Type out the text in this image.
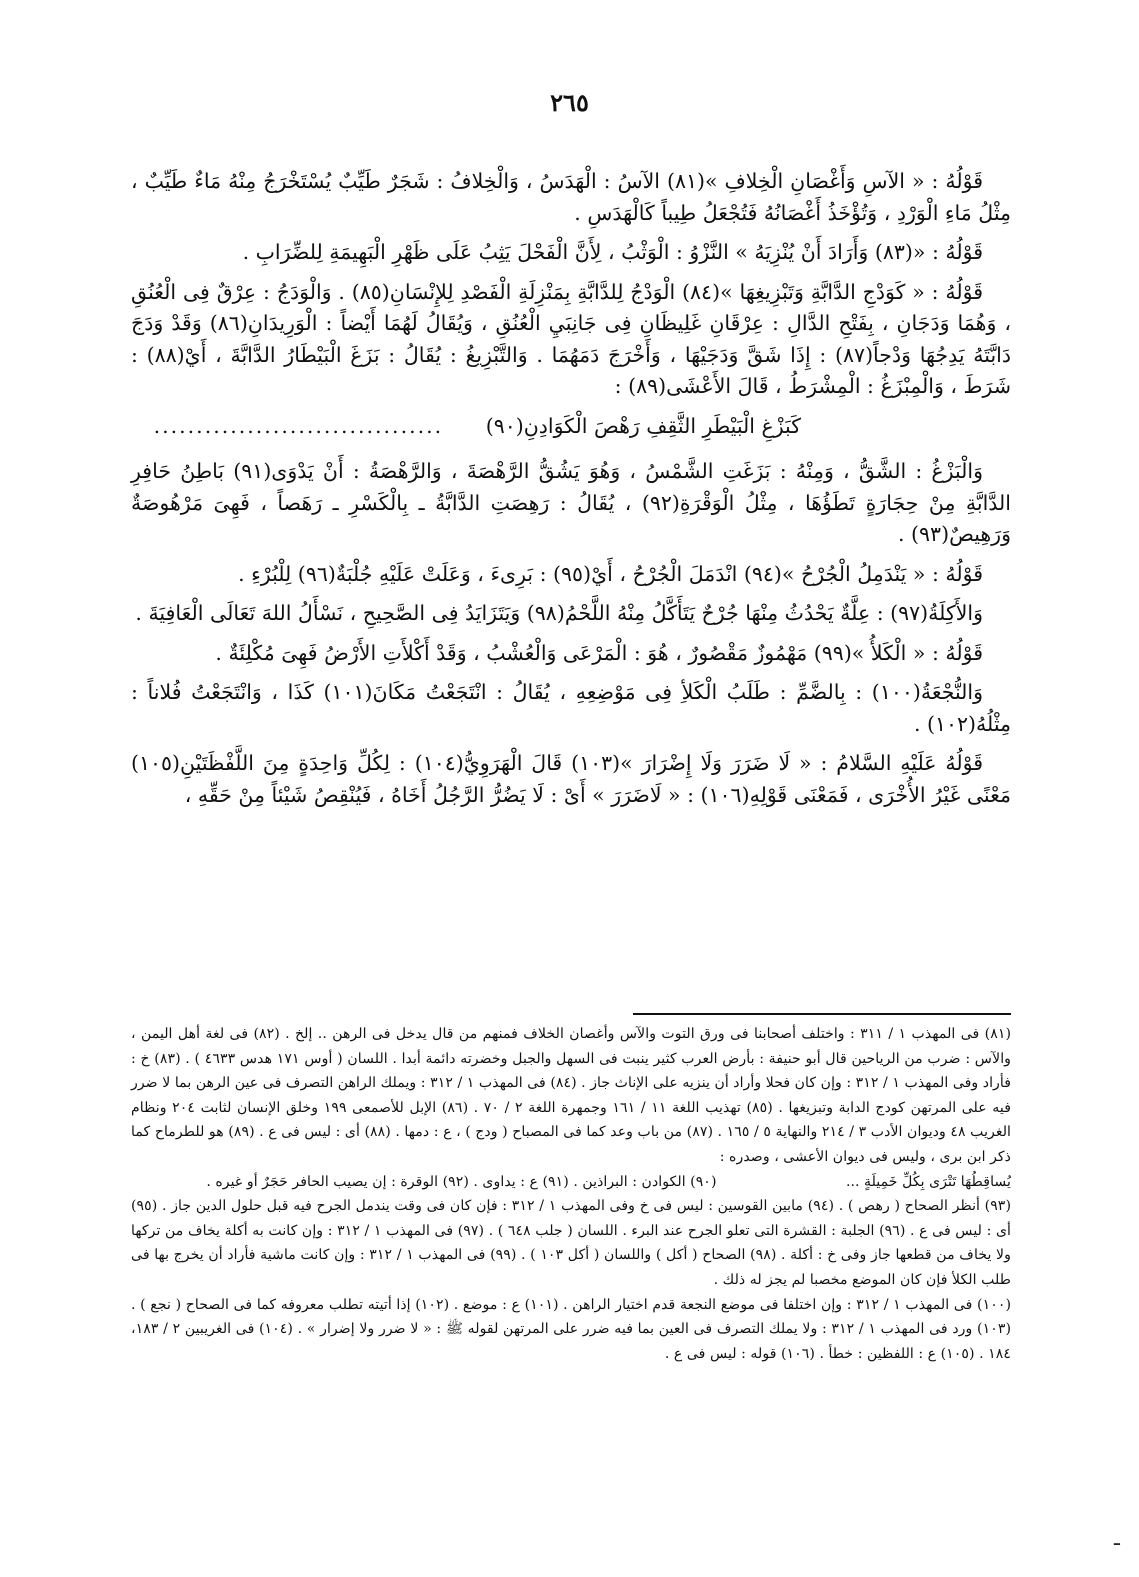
٢٦٥

قَوْلُهُ : « الآسِ وَأَغْصَانِ الْخِلافِ »(٨١) الآسُ : الْهَدَسُ ، وَالْخِلافُ : شَجَرٌ طَيِّبٌ يُسْتَخْرَجُ مِنْهُ مَاءٌ طَيِّبٌ ، مِثْلُ مَاءِ الْوَرْدِ ، وَتُؤْخَذُ أَغْصَانُهُ فَتُجْعَلُ طِيباً كَالْهَدَسِ .

قَوْلُهُ : «(٨٣) وَأَرَادَ أَنْ يُنْزِيَهُ » النَّزْوُ : الْوَثْبُ ، لِأَنَّ الْفَحْلَ يَثِبُ عَلَى ظَهْرِ الْبَهِيمَةِ لِلضِّرَابِ .

قَوْلُهُ : « كَوَدْجِ الدَّابَّةِ وَتَبْزِيغِهَا »(٨٤) الْوَدْجُ لِلدَّابَّةِ بِمَنْزِلَةِ الْفَصْدِ لِلإِنْسَانِ(٨٥) . وَالْوَدَجُ : عِرْقٌ فِى الْعُنُقِ ، وَهُمَا وَدَجَانِ ، بِفَتْحِ الدَّالِ : عِرْقَانِ غَلِيظَانِ فِى جَانِبَيِ الْعُنُقِ ، وَيُقَالُ لَهُمَا أَيْضاً : الْوَرِيدَانِ(٨٦) وَقَدْ وَدَجَ دَابَّتَهُ يَدِجُهَا وَدْجاً(٨٧) : إِذَا شَقَّ وَدَجَيْهَا ، وَأَخْرَجَ دَمَهُمَا . وَالتَّبْزِيغُ : يُقَالُ : بَزَغَ الْبَيْطَارُ الدَّابَّةَ ، أَيْ(٨٨) : شَرَطَ ، وَالْمِبْزَغُ : الْمِشْرَطُ ، قَالَ الأَعْشَى(٨٩) :

كَبَزْغِ الْبَيْطَرِ الثَّقِفِ رَهْصَ الْكَوَادِنِ(٩٠) ..................................

وَالْبَزْغُ : الشَّقُّ ، وَمِنْهُ : بَزَغَتِ الشَّمْسُ ، وَهُوَ يَشُقُّ الرَّهْصَةَ ، وَالرَّهْصَةُ : أَنْ يَدْوَى(٩١) بَاطِنُ حَافِرِ الدَّابَّةِ مِنْ حِجَارَةٍ تَطَؤُهَا ، مِثْلُ الْوَقْرَةِ(٩٢) ، يُقَالُ : رَهِصَتِ الدَّابَّةُ ـ بِالْكَسْرِ ـ رَهَصاً ، فَهِىَ مَرْهُوصَةٌ وَرَهِيصٌ(٩٣) .

قَوْلُهُ : « يَنْدَمِلُ الْجُرْحُ »(٩٤) انْدَمَلَ الْجُرْحُ ، أَيْ(٩٥) : بَرِىءَ ، وَعَلَتْ عَلَيْهِ جُلْبَةٌ(٩٦) لِلْبُرْءِ .

وَالأَكِلَةُ(٩٧) : عِلَّةٌ يَحْدُثُ مِنْهَا جُرْحٌ يَتَأَكَّلُ مِنْهُ اللَّحْمُ(٩٨) وَيَتَزَايَدُ فِى الصَّحِيحِ ، نَسْأَلُ اللهَ تَعَالَى الْعَافِيَةَ .

قَوْلُهُ : « الْكَلأُ »(٩٩) مَهْمُوزٌ مَقْصُورٌ ، هُوَ : الْمَرْعَى وَالْعُشْبُ ، وَقَدْ أَكْلأَتِ الأَرْضُ فَهِىَ مُكْلِئَةٌ .

وَالنُّجْعَةُ(١٠٠) : بِالضَّمِّ : طَلَبُ الْكَلأِ فِى مَوْضِعِهِ ، يُقَالُ : انْتَجَعْتُ مَكَانَ(١٠١) كَذَا ، وَانْتَجَعْتُ فُلاناً : مِثْلُهُ(١٠٢) .

قَوْلُهُ عَلَيْهِ السَّلامُ : « لَا ضَرَرَ وَلَا إِضْرَارَ »(١٠٣) قَالَ الْهَرَوِيُّ(١٠٤) : لِكُلِّ وَاحِدَةٍ مِنَ اللَّفْظَتَيْنِ(١٠٥) مَعْنًى غَيْرُ الأُخْرَى ، فَمَعْنَى قَوْلِهِ(١٠٦) : « لَاضَرَرَ » أَىْ : لَا يَضُرُّ الرَّجُلُ أَخَاهُ ، فَيُنْقِصُ شَيْئاً مِنْ حَقِّهِ ،

(٨١) فى المهذب ١ / ٣١١ : واختلف أصحابنا فى ورق التوت والآس وأغصان الخلاف فمنهم من قال يدخل فى الرهن .. إلخ . (٨٢) فى لغة أهل اليمن ، والآس : ضرب من الرياحين قال أبو حنيفة : بأرض العرب كثير ينبت فى السهل والجبل وخضرته دائمة أبدا . اللسان ( أوس ١٧١ هدس ٤٦٣٣ ) . (٨٣) خ : فأراد وفى المهذب ١ / ٣١٢ : وإن كان فحلا وأراد أن ينزيه على الإناث جاز . (٨٤) فى المهذب ١ / ٣١٢ : ويملك الراهن التصرف فى عين الرهن بما لا ضرر فيه على المرتهن كودج الدابة وتبزيغها . (٨٥) تهذيب اللغة ١١ / ١٦١ وجمهرة اللغة ٢ / ٧٠ . (٨٦) الإبل للأصمعى ١٩٩ وخلق الإنسان لثابت ٢٠٤ ونظام الغريب ٤٨ وديوان الأدب ٣ / ٢١٤ والنهاية ٥ / ١٦٥ . (٨٧) من باب وعد كما فى المصباح ( ودج ) ، ع : دمها . (٨٨) أى : ليس فى ع . (٨٩) هو للطرماح كما ذكر ابن برى ، وليس فى ديوان الأعشى ، وصدره :

يُساقِطُهَا تَتْرَى بِكُلِّ خَمِيلَةٍ ... (٩٠) الكوادن : البراذين . (٩١) ع : يداوى . (٩٢) الوقرة : إن يصيب الحافر حَجَرٌ أو غيره .

(٩٣) أنظر الصحاح ( رهص ) . (٩٤) مابين القوسين : ليس فى خ وفى المهذب ١ / ٣١٢ : فإن كان فى وقت يندمل الجرح فيه قبل حلول الدين جاز . (٩٥) أى : ليس فى ع . (٩٦) الجلبة : القشرة التى تعلو الجرح عند البرء . اللسان ( جلب ٦٤٨ ) . (٩٧) فى المهذب ١ / ٣١٢ : وإن كانت به أكلة يخاف من تركها ولا يخاف من قطعها جاز وفى خ : أكلة . (٩٨) الصحاح ( أكل ) واللسان ( أكل ١٠٣ ) . (٩٩) فى المهذب ١ / ٣١٢ : وإن كانت ماشية فأراد أن يخرج بها فى طلب الكلأ فإن كان الموضع مخصبا لم يجز له ذلك .

(١٠٠) فى المهذب ١ / ٣١٢ : وإن اختلفا فى موضع النجعة قدم اختيار الراهن . (١٠١) ع : موضع . (١٠٢) إذا أتيته تطلب معروفه كما فى الصحاح ( نجع ) . (١٠٣) ورد فى المهذب ١ / ٣١٢ : ولا يملك التصرف فى العين بما فيه ضرر على المرتهن لقوله ﷺ : « لا ضرر ولا إضرار » . (١٠٤) فى الغريبين ٢ / ١٨٣، ١٨٤ . (١٠٥) ع : اللفظين : خطأ . (١٠٦) قوله : ليس فى ع .

ـ
